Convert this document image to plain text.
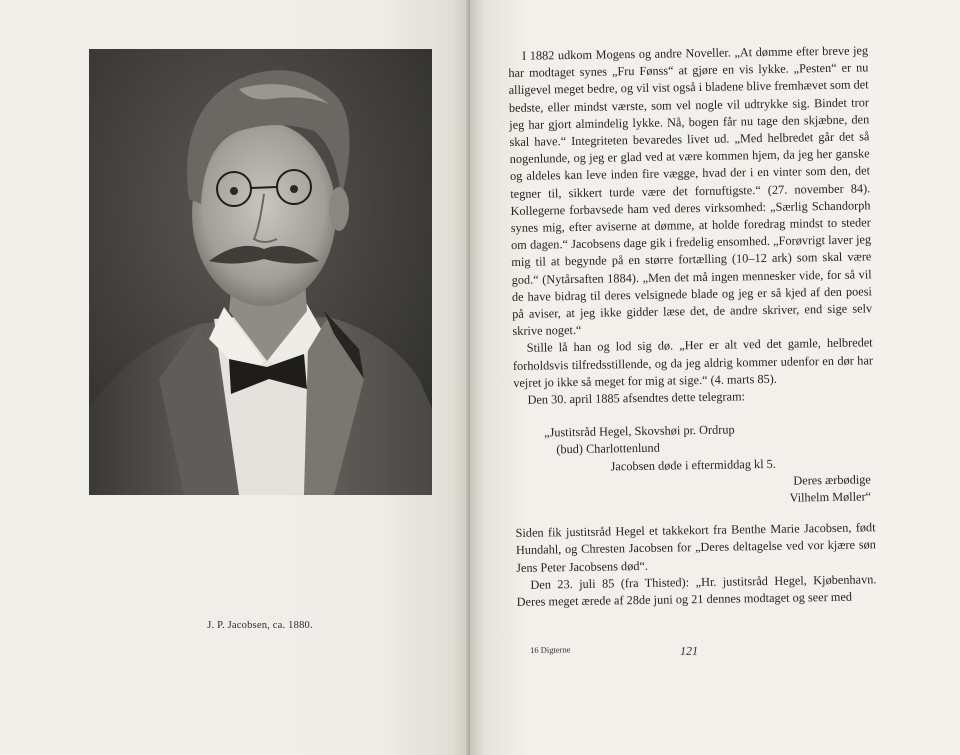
J. P. Jacobsen, ca. 1880.

I 1882 udkom Mogens og andre Noveller. „At dømme efter breve jeg har modtaget synes „Fru Fønss“ at gjøre en vis lykke. „Pesten“ er nu alligevel meget bedre, og vil vist også i bladene blive fremhævet som det bedste, eller mindst værste, som vel nogle vil udtrykke sig. Bindet tror jeg har gjort almindelig lykke. Nå, bogen får nu tage den skjæbne, den skal have.“ Integriteten bevaredes livet ud. „Med helbredet går det så nogenlunde, og jeg er glad ved at være kommen hjem, da jeg her ganske og aldeles kan leve inden fire vægge, hvad der i en vinter som den, det tegner til, sikkert turde være det fornuftigste.“ (27. november 84). Kollegerne forbavsede ham ved deres virksomhed: „Særlig Schandorph synes mig, efter aviserne at dømme, at holde foredrag mindst to steder om dagen.“ Jacobsens dage gik i fredelig ensomhed. „Forøvrigt laver jeg mig til at begynde på en større fortælling (10–12 ark) som skal være god.“ (Nytårsaften 1884). „Men det må ingen mennesker vide, for så vil de have bidrag til deres velsignede blade og jeg er så kjed af den poesi på aviser, at jeg ikke gidder læse det, de andre skriver, end sige selv skrive noget.“

Stille lå han og lod sig dø. „Her er alt ved det gamle, helbredet forholdsvis tilfredsstillende, og da jeg aldrig kommer udenfor en dør har vejret jo ikke så meget for mig at sige.“ (4. marts 85).

Den 30. april 1885 afsendtes dette telegram:

„Justitsråd Hegel, Skovshøi pr. Ordrup
(bud) Charlottenlund
Jacobsen døde i eftermiddag kl 5.
Deres ærbødige
Vilhelm Møller“

Siden fik justitsråd Hegel et takkekort fra Benthe Marie Jacobsen, født Hundahl, og Chresten Jacobsen for „Deres deltagelse ved vor kjære søn Jens Peter Jacobsens død“.

Den 23. juli 85 (fra Thisted): „Hr. justitsråd Hegel, Kjøbenhavn. Deres meget ærede af 28de juni og 21 dennes modtaget og seer med

16 Digterne	121
